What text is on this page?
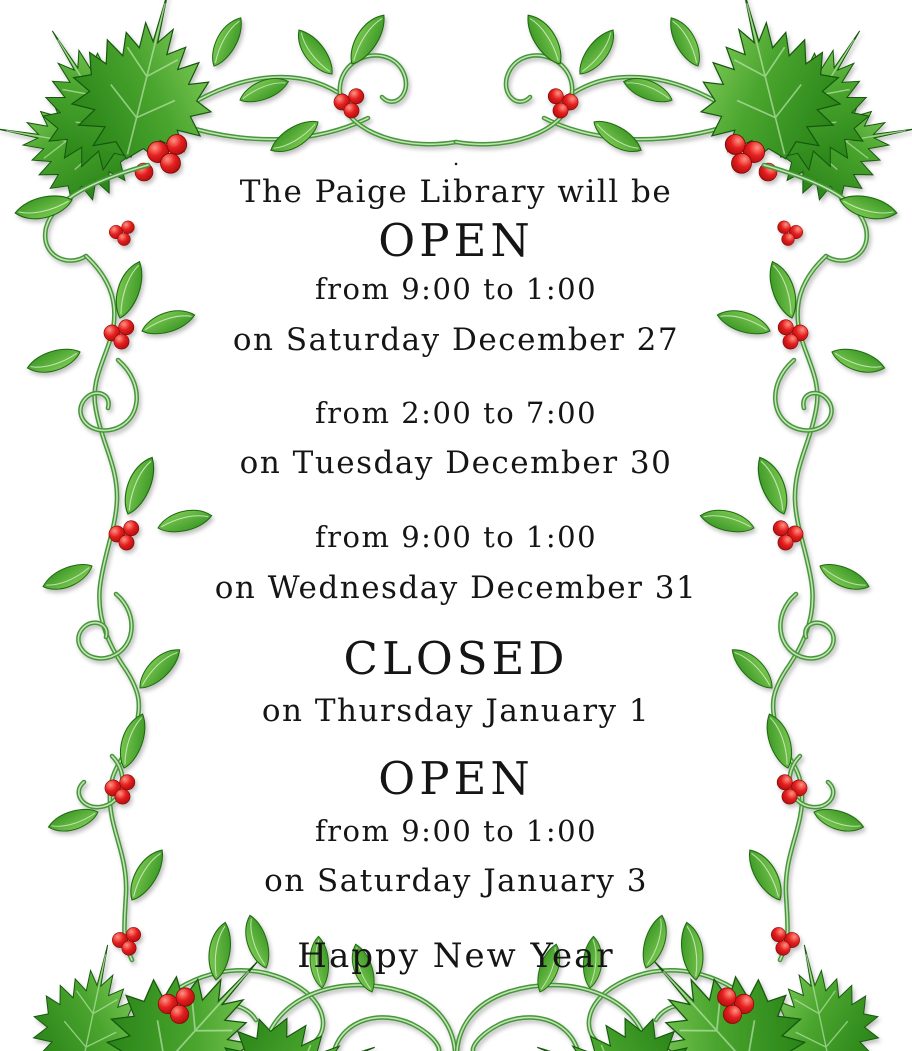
.
The Paige Library will be
OPEN
from 9:00 to 1:00
on Saturday December 27
from 2:00 to 7:00
on Tuesday December 30
from 9:00 to 1:00
on Wednesday December 31
CLOSED
on Thursday January 1
OPEN
from 9:00 to 1:00
on Saturday January 3
Happy New Year
